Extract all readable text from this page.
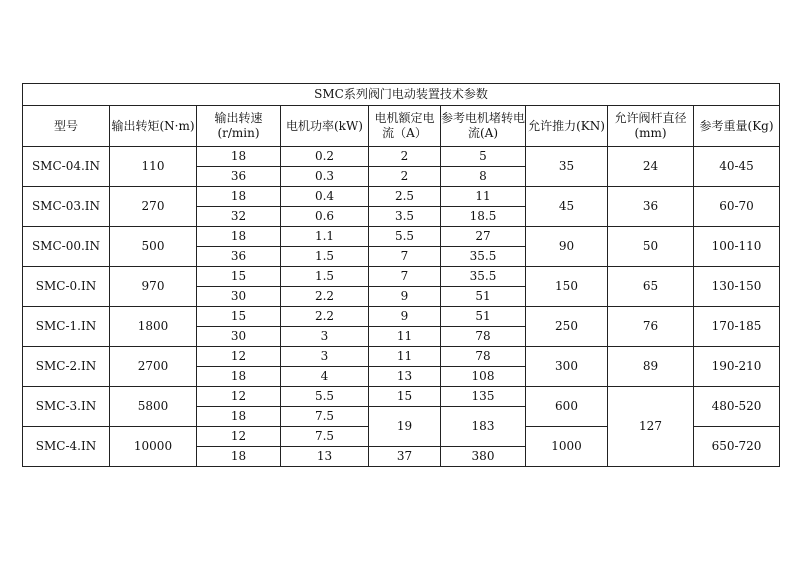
SMC系列阀门电动装置技术参数								
型号	输出转矩(N·m)	输出转速(r/min)	电机功率(kW)	电机额定电流（A）	参考电机堵转电流(A)	允许推力(KN)	允许阀杆直径(mm)	参考重量(Kg)
SMC-04.IN	110	18	0.2	2	5	35	24	40-45
		36	0.3	2	8			
SMC-03.IN	270	18	0.4	2.5	11	45	36	60-70
		32	0.6	3.5	18.5			
SMC-00.IN	500	18	1.1	5.5	27	90	50	100-110
		36	1.5	7	35.5			
SMC-0.IN	970	15	1.5	7	35.5	150	65	130-150
		30	2.2	9	51			
SMC-1.IN	1800	15	2.2	9	51	250	76	170-185
		30	3	11	78			
SMC-2.IN	2700	12	3	11	78	300	89	190-210
		18	4	13	108			
SMC-3.IN	5800	12	5.5	15	135	600	127	480-520
		18	7.5	19	183			
SMC-4.IN	10000	12	7.5			1000		650-720
		18	13	37	380			
